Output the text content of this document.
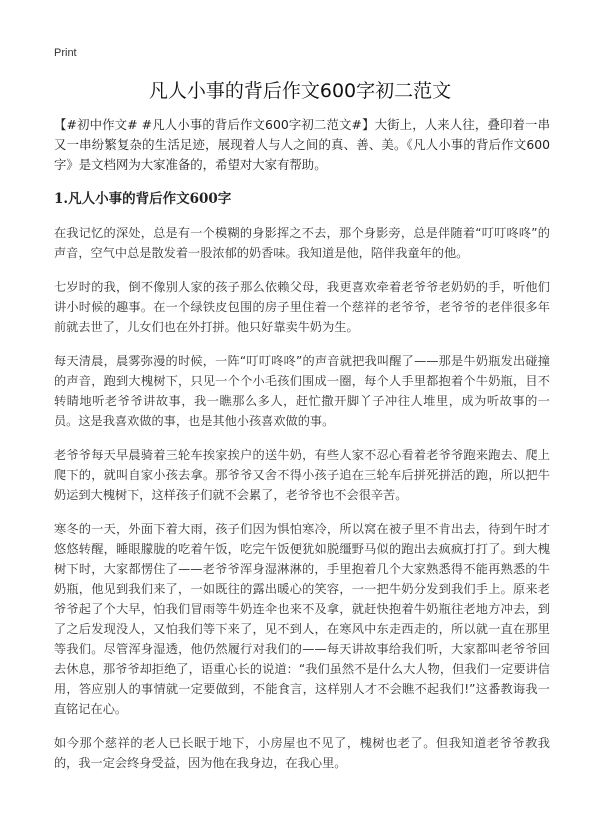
Print
凡人小事的背后作文600字初二范文

【#初中作文# #凡人小事的背后作文600字初二范文#】大街上，人来人往，叠印着一串又一串纷繁复杂的生活足迹，展现着人与人之间的真、善、美。《凡人小事的背后作文600字》是文档网为大家准备的，希望对大家有帮助。

1.凡人小事的背后作文600字

在我记忆的深处，总是有一个模糊的身影挥之不去，那个身影旁，总是伴随着“叮叮咚咚”的声音，空气中总是散发着一股浓郁的奶香味。我知道是他，陪伴我童年的他。

七岁时的我，倒不像别人家的孩子那么依赖父母，我更喜欢牵着老爷爷老奶奶的手，听他们讲小时候的趣事。在一个绿铁皮包围的房子里住着一个慈祥的老爷爷，老爷爷的老伴很多年前就去世了，儿女们也在外打拼。他只好靠卖牛奶为生。

每天清晨，晨雾弥漫的时候，一阵“叮叮咚咚”的声音就把我叫醒了——那是牛奶瓶发出碰撞的声音，跑到大槐树下，只见一个个小毛孩们围成一圈，每个人手里都抱着个牛奶瓶，目不转睛地听老爷爷讲故事，我一瞧那么多人，赶忙撒开脚丫子冲往人堆里，成为听故事的一员。这是我喜欢做的事，也是其他小孩喜欢做的事。

老爷爷每天早晨骑着三轮车挨家挨户的送牛奶，有些人家不忍心看着老爷爷跑来跑去、爬上爬下的，就叫自家小孩去拿。那爷爷又舍不得小孩子追在三轮车后拼死拼活的跑，所以把牛奶运到大槐树下，这样孩子们就不会累了，老爷爷也不会很辛苦。

寒冬的一天，外面下着大雨，孩子们因为惧怕寒冷，所以窝在被子里不肯出去，待到午时才悠悠转醒，睡眼朦胧的吃着午饭，吃完午饭便犹如脱缰野马似的跑出去疯疯打打了。到大槐树下时，大家都愣住了——老爷爷浑身湿淋淋的，手里抱着几个大家熟悉得不能再熟悉的牛奶瓶，他见到我们来了，一如既往的露出暖心的笑容，一一把牛奶分发到我们手上。原来老爷爷起了个大早，怕我们冒雨等牛奶连伞也来不及拿，就赶快抱着牛奶瓶往老地方冲去，到了之后发现没人，又怕我们等下来了，见不到人，在寒风中东走西走的，所以就一直在那里等我们。尽管浑身湿透，他仍然履行对我们的——每天讲故事给我们听，大家都叫老爷爷回去休息，那爷爷却拒绝了，语重心长的说道：“我们虽然不是什么大人物，但我们一定要讲信用，答应别人的事情就一定要做到，不能食言，这样别人才不会瞧不起我们!”这番教诲我一直铭记在心。

如今那个慈祥的老人已长眠于地下，小房屋也不见了，槐树也老了。但我知道老爷爷教我的，我一定会终身受益，因为他在我身边，在我心里。
